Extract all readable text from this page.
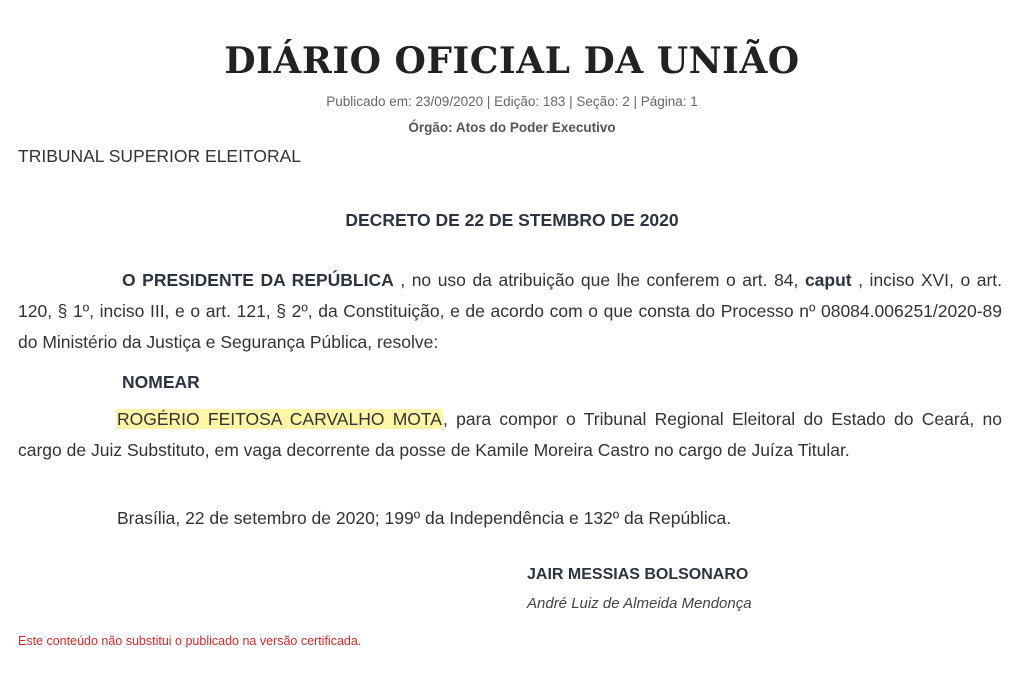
DIÁRIO OFICIAL DA UNIÃO
Publicado em: 23/09/2020 | Edição: 183 | Seção: 2 | Página: 1
Órgão: Atos do Poder Executivo
TRIBUNAL SUPERIOR ELEITORAL
DECRETO DE 22 DE STEMBRO DE 2020
O PRESIDENTE DA REPÚBLICA , no uso da atribuição que lhe conferem o art. 84, caput , inciso XVI, o art. 120, § 1º, inciso III, e o art. 121, § 2º, da Constituição, e de acordo com o que consta do Processo nº 08084.006251/2020-89 do Ministério da Justiça e Segurança Pública, resolve:
NOMEAR
ROGÉRIO FEITOSA CARVALHO MOTA, para compor o Tribunal Regional Eleitoral do Estado do Ceará, no cargo de Juiz Substituto, em vaga decorrente da posse de Kamile Moreira Castro no cargo de Juíza Titular.
Brasília, 22 de setembro de 2020; 199º da Independência e 132º da República.
JAIR MESSIAS BOLSONARO
André Luiz de Almeida Mendonça
Este conteúdo não substitui o publicado na versão certificada.
